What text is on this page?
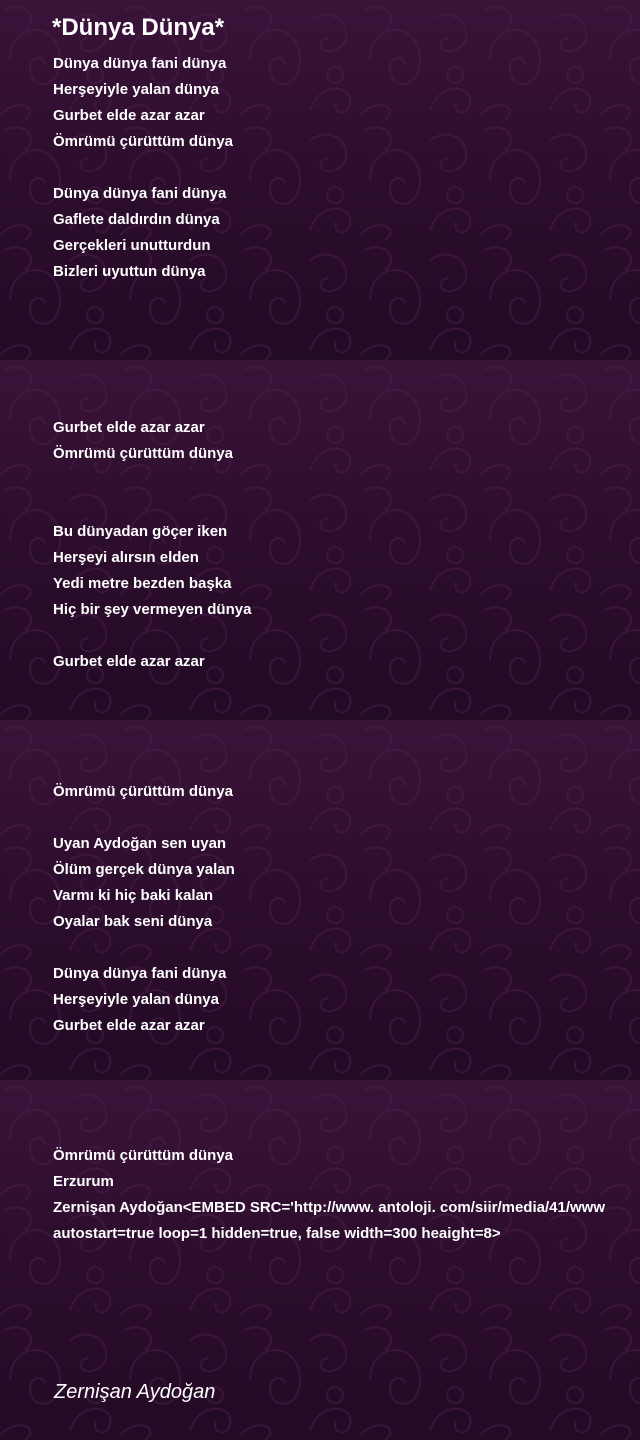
*Dünya Dünya*
Dünya dünya fani dünya
Herşeyiyle yalan dünya
Gurbet elde azar azar
Ömrümü çürüttüm dünya
Dünya dünya fani dünya
Gaflete daldırdın dünya
Gerçekleri unutturdun
Bizleri uyuttun dünya
Gurbet elde azar azar
Ömrümü çürüttüm dünya
Bu dünyadan göçer iken
Herşeyi alırsın elden
Yedi metre bezden başka
Hiç bir şey vermeyen dünya
Gurbet elde azar azar
Ömrümü çürüttüm dünya
Uyan Aydoğan sen uyan
Ölüm gerçek dünya yalan
Varmı ki hiç baki kalan
Oyalar bak seni dünya
Dünya dünya fani dünya
Herşeyiyle yalan dünya
Gurbet elde azar azar
Ömrümü çürüttüm dünya
Erzurum
Zernişan Aydoğan<EMBED SRC='http://www. antoloji. com/siir/media/41/www
autostart=true loop=1 hidden=true, false width=300 heaight=8>
Zernişan Aydoğan
